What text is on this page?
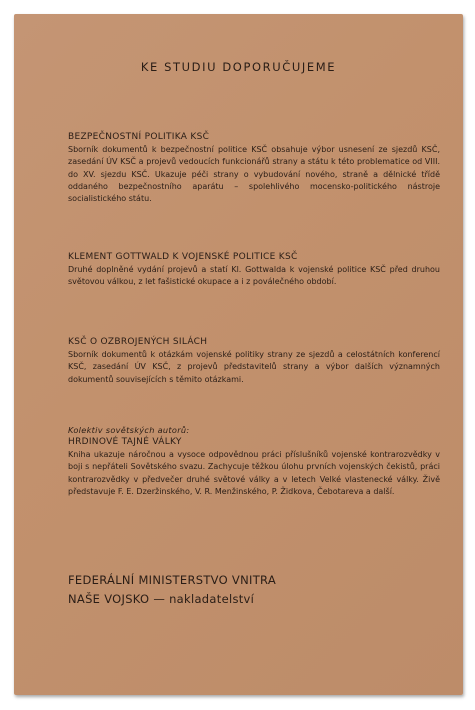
KE STUDIU DOPORUČUJEME
BEZPEČNOSTNÍ POLITIKA KSČ

Sborník dokumentů k bezpečnostní politice KSČ obsahuje výbor usnesení ze sjezdů KSČ, zasedání ÚV KSČ a projevů vedoucích funkcionářů strany a státu k této problematice od VIII. do XV. sjezdu KSČ. Ukazuje péči strany o vybudování nového, straně a dělnické třídě oddaného bezpečnostního aparátu – spolehlivého mocensko-politického nástroje socialistického státu.

KLEMENT GOTTWALD K VOJENSKÉ POLITICE KSČ

Druhé doplněné vydání projevů a statí Kl. Gottwalda k vojenské politice KSČ před druhou světovou válkou, z let fašistické okupace a i z poválečného období.

KSČ O OZBROJENÝCH SILÁCH

Sborník dokumentů k otázkám vojenské politiky strany ze sjezdů a celostátních konferencí KSČ, zasedání ÚV KSČ, z projevů představitelů strany a výbor dalších významných dokumentů souvisejících s těmito otázkami.

Kolektiv sovětských autorů:
HRDINOVÉ TAJNÉ VÁLKY

Kniha ukazuje náročnou a vysoce odpovědnou práci příslušníků vojenské kontrarozvědky v boji s nepřáteli Sovětského svazu. Zachycuje těžkou úlohu prvních vojenských čekistů, práci kontrarozvědky v předvečer druhé světové války a v letech Velké vlastenecké války. Živě představuje F. E. Dzeržinského, V. R. Menžinského, P. Židkova, Čebotareva a další.

FEDERÁLNÍ MINISTERSTVO VNITRA
NAŠE VOJSKO — nakladatelství
